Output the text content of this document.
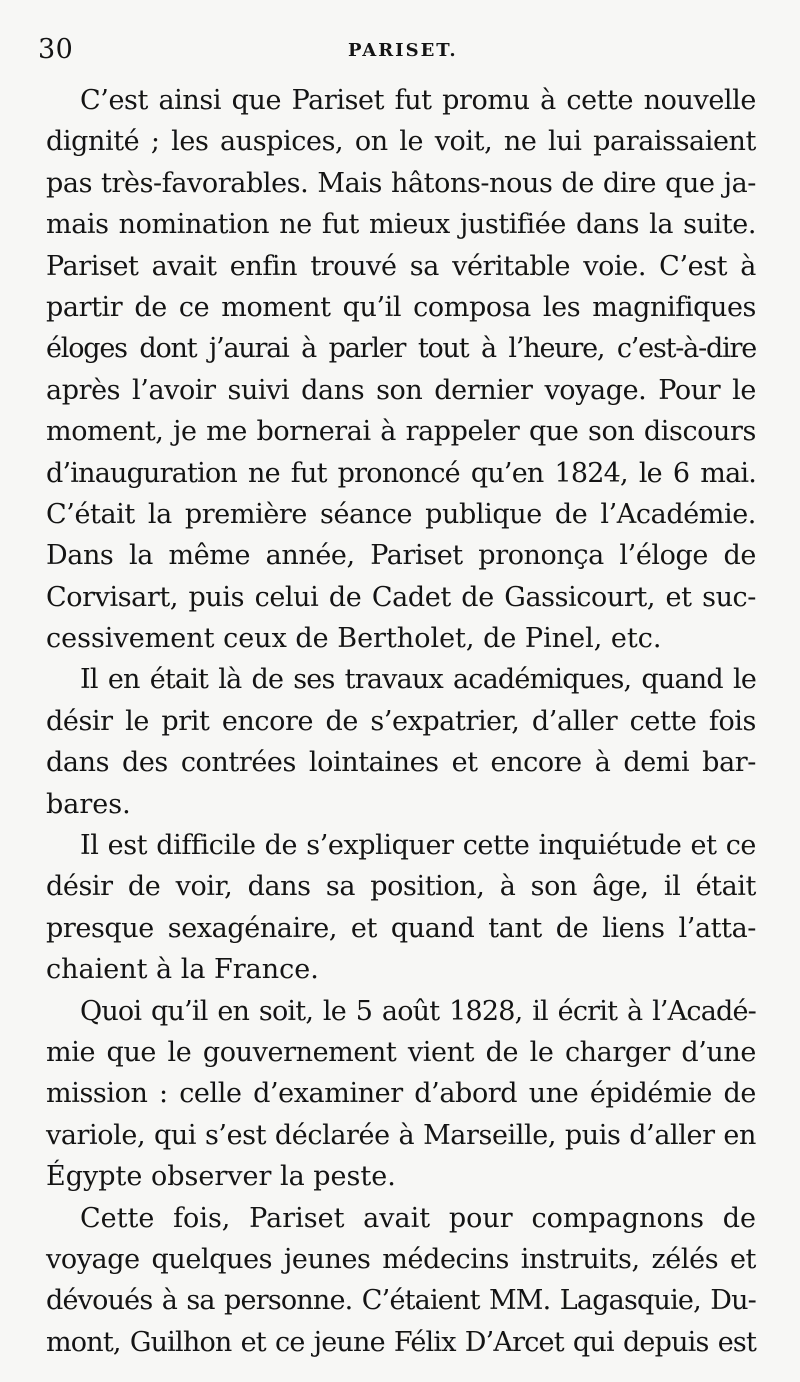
30	PARISET.

C’est ainsi que Pariset fut promu à cette nouvelle
dignité ; les auspices, on le voit, ne lui paraissaient
pas très-favorables. Mais hâtons-nous de dire que ja-
mais nomination ne fut mieux justifiée dans la suite.
Pariset avait enfin trouvé sa véritable voie. C’est à
partir de ce moment qu’il composa les magnifiques
éloges dont j’aurai à parler tout à l’heure, c’est-à-dire
après l’avoir suivi dans son dernier voyage. Pour le
moment, je me bornerai à rappeler que son discours
d’inauguration ne fut prononcé qu’en 1824, le 6 mai.
C’était la première séance publique de l’Académie.
Dans la même année, Pariset prononça l’éloge de
Corvisart, puis celui de Cadet de Gassicourt, et suc-
cessivement ceux de Bertholet, de Pinel, etc.

Il en était là de ses travaux académiques, quand le
désir le prit encore de s’expatrier, d’aller cette fois
dans des contrées lointaines et encore à demi bar-
bares.

Il est difficile de s’expliquer cette inquiétude et ce
désir de voir, dans sa position, à son âge, il était
presque sexagénaire, et quand tant de liens l’atta-
chaient à la France.

Quoi qu’il en soit, le 5 août 1828, il écrit à l’Acadé-
mie que le gouvernement vient de le charger d’une
mission : celle d’examiner d’abord une épidémie de
variole, qui s’est déclarée à Marseille, puis d’aller en
Égypte observer la peste.

Cette fois, Pariset avait pour compagnons de
voyage quelques jeunes médecins instruits, zélés et
dévoués à sa personne. C’étaient MM. Lagasquie, Du-
mont, Guilhon et ce jeune Félix D’Arcet qui depuis est
